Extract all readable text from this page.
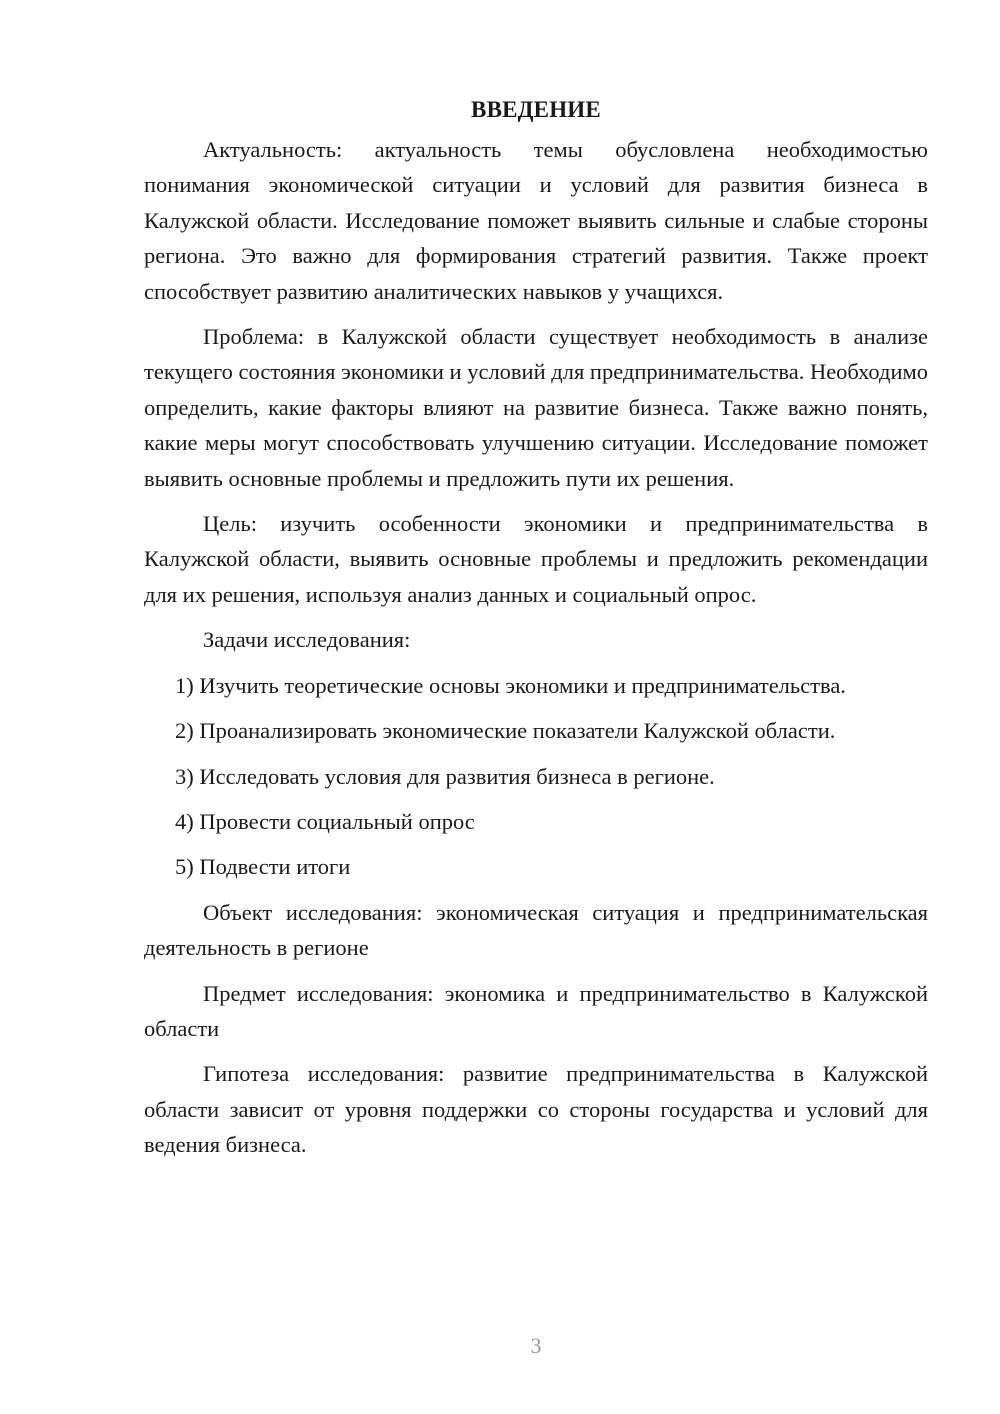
ВВЕДЕНИЕ

Актуальность: актуальность темы обусловлена необходимостью понимания экономической ситуации и условий для развития бизнеса в Калужской области. Исследование поможет выявить сильные и слабые стороны региона. Это важно для формирования стратегий развития. Также проект способствует развитию аналитических навыков у учащихся.

Проблема: в Калужской области существует необходимость в анализе текущего состояния экономики и условий для предпринимательства. Необходимо определить, какие факторы влияют на развитие бизнеса. Также важно понять, какие меры могут способствовать улучшению ситуации. Исследование поможет выявить основные проблемы и предложить пути их решения.

Цель: изучить особенности экономики и предпринимательства в Калужской области, выявить основные проблемы и предложить рекомендации для их решения, используя анализ данных и социальный опрос.

Задачи исследования:

1) Изучить теоретические основы экономики и предпринимательства.

2) Проанализировать экономические показатели Калужской области.

3) Исследовать условия для развития бизнеса в регионе.

4) Провести социальный опрос

5) Подвести итоги

Объект исследования: экономическая ситуация и предпринимательская деятельность в регионе

Предмет исследования: экономика и предпринимательство в Калужской области

Гипотеза исследования: развитие предпринимательства в Калужской области зависит от уровня поддержки со стороны государства и условий для ведения бизнеса.

3
